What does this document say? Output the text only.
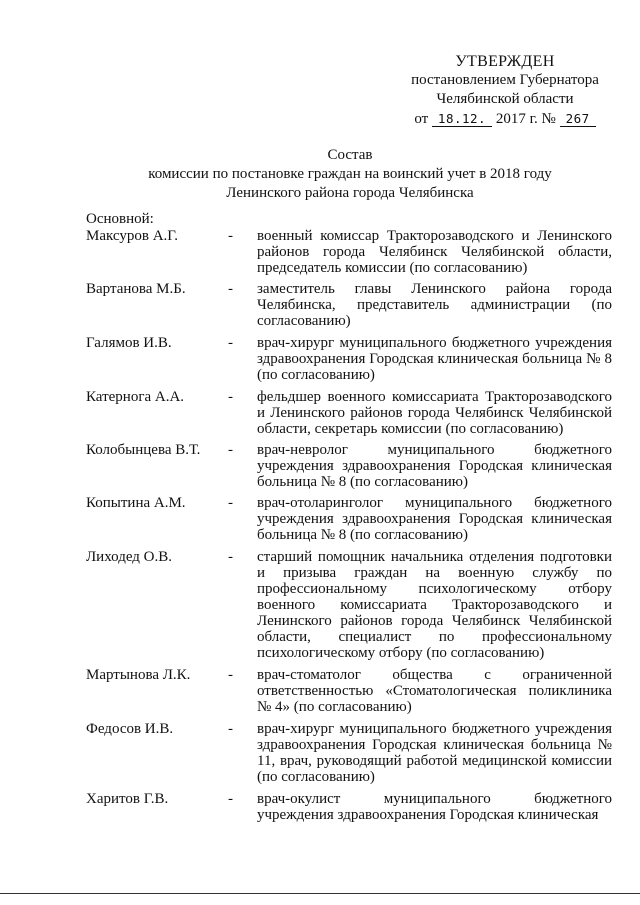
УТВЕРЖДЕН
постановлением Губернатора
Челябинской области
от 18.12. 2017 г. № 267
Состав
комиссии по постановке граждан на воинский учет в 2018 году
Ленинского района города Челябинска
Основной:
Максуров А.Г.	- военный комиссар Тракторозаводского и Ленинского районов города Челябинск Челябинской области, председатель комиссии (по согласованию)
Вартанова М.Б.	- заместитель главы Ленинского района города Челябинска, представитель администрации (по согласованию)
Галямов И.В.	- врач-хирург муниципального бюджетного учреждения здравоохранения Городская клиническая больница № 8 (по согласованию)
Катернога А.А.	- фельдшер военного комиссариата Тракторозаводского и Ленинского районов города Челябинск Челябинской области, секретарь комиссии (по согласованию)
Колобынцева В.Т. - врач-невролог муниципального бюджетного учреждения здравоохранения Городская клиническая больница № 8 (по согласованию)
Копытина А.М.	- врач-отоларинголог муниципального бюджетного учреждения здравоохранения Городская клиническая больница № 8 (по согласованию)
Лиходед О.В.	- старший помощник начальника отделения подготовки и призыва граждан на военную службу по профессиональному психологическому отбору военного комиссариата Тракторозаводского и Ленинского районов города Челябинск Челябинской области, специалист по профессиональному психологическому отбору (по согласованию)
Мартынова Л.К.	- врач-стоматолог общества с ограниченной ответственностью «Стоматологическая поликлиника № 4» (по согласованию)
Федосов И.В.	- врач-хирург муниципального бюджетного учреждения здравоохранения Городская клиническая больница № 11, врач, руководящий работой медицинской комиссии (по согласованию)
Харитов Г.В.	- врач-окулист муниципального бюджетного учреждения здравоохранения Городская клиническая
